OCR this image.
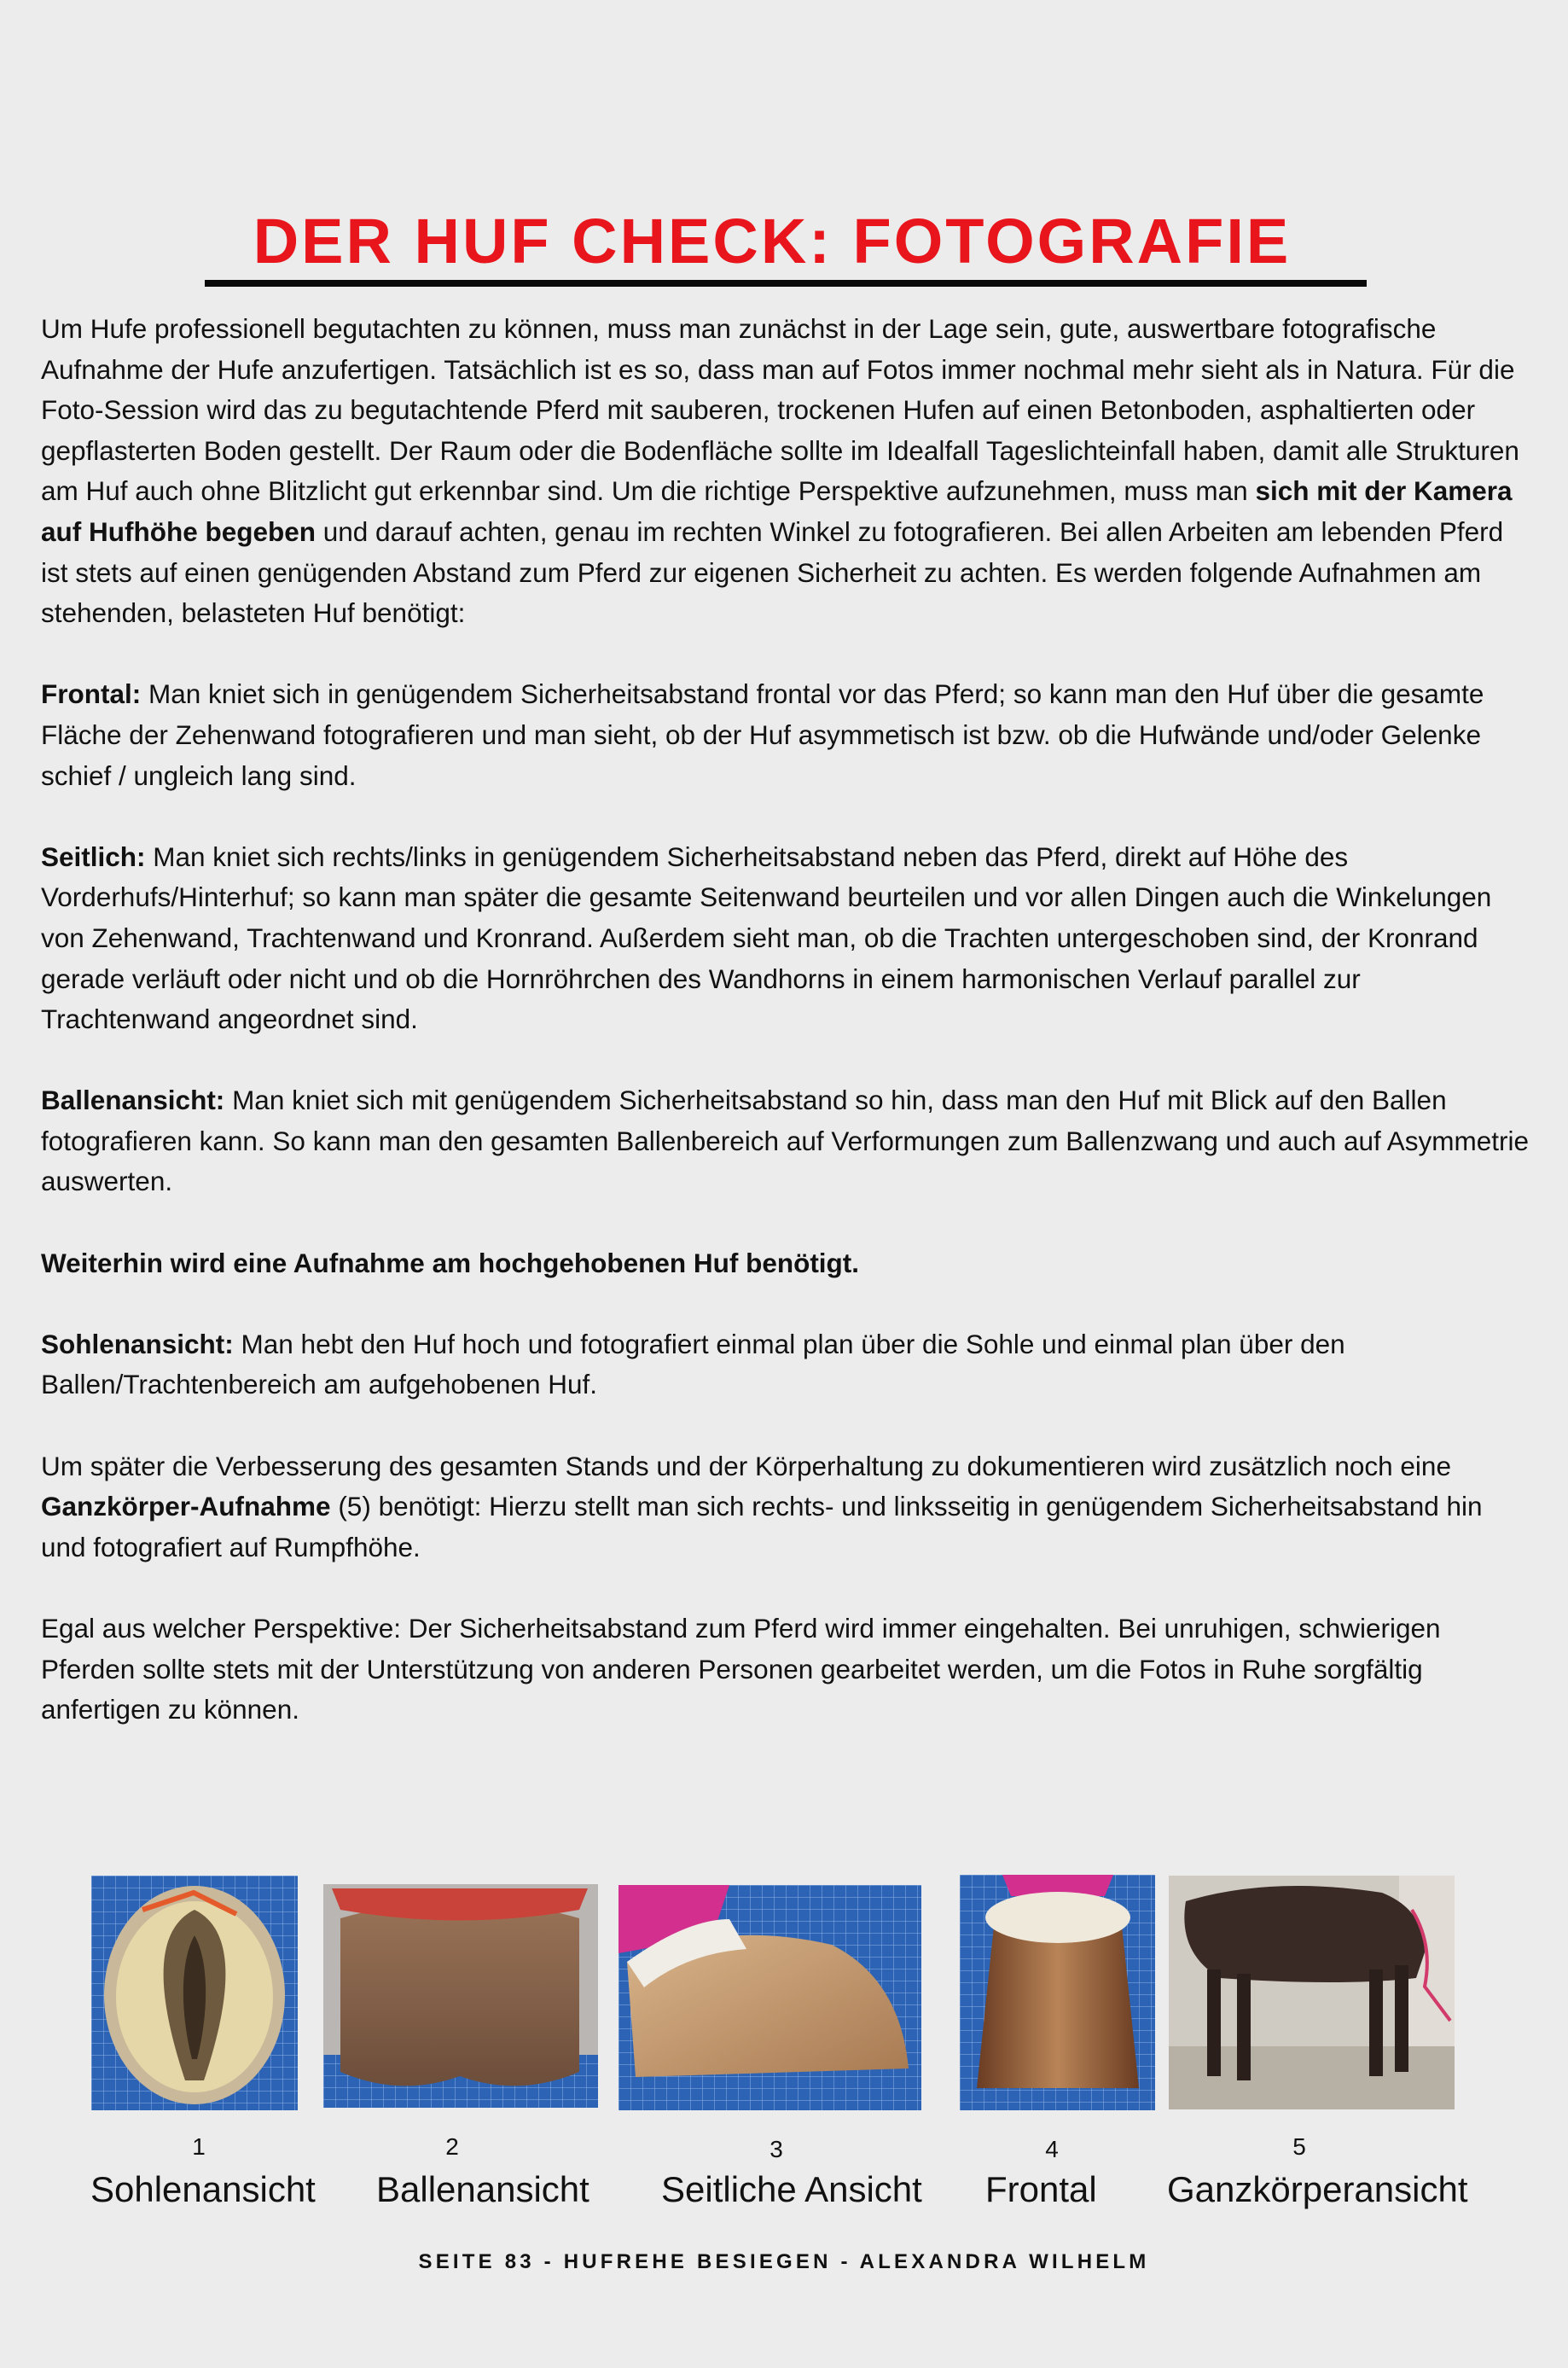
DER HUF CHECK: FOTOGRAFIE

Um Hufe professionell begutachten zu können, muss man zunächst in der Lage sein, gute, auswertbare fotografische Aufnahme der Hufe anzufertigen. Tatsächlich ist es so, dass man auf Fotos immer nochmal mehr sieht als in Natura. Für die Foto-Session wird das zu begutachtende Pferd mit sauberen, trockenen Hufen auf einen Betonboden, asphaltierten oder gepflasterten Boden gestellt. Der Raum oder die Bodenfläche sollte im Idealfall Tageslichteinfall haben, damit alle Strukturen am Huf auch ohne Blitzlicht gut erkennbar sind. Um die richtige Perspektive aufzunehmen, muss man sich mit der Kamera auf Hufhöhe begeben und darauf achten, genau im rechten Winkel zu fotografieren. Bei allen Arbeiten am lebenden Pferd ist stets auf einen genügenden Abstand zum Pferd zur eigenen Sicherheit zu achten. Es werden folgende Aufnahmen am stehenden, belasteten Huf benötigt:

Frontal: Man kniet sich in genügendem Sicherheitsabstand frontal vor das Pferd; so kann man den Huf über die gesamte Fläche der Zehenwand fotografieren und man sieht, ob der Huf asymmetisch ist bzw. ob die Hufwände und/oder Gelenke schief / ungleich lang sind.

Seitlich: Man kniet sich rechts/links in genügendem Sicherheitsabstand neben das Pferd, direkt auf Höhe des Vorderhufs/Hinterhuf; so kann man später die gesamte Seitenwand beurteilen und vor allen Dingen auch die Winkelungen von Zehenwand, Trachtenwand und Kronrand. Außerdem sieht man, ob die Trachten untergeschoben sind, der Kronrand gerade verläuft oder nicht und ob die Hornröhrchen des Wandhorns in einem harmonischen Verlauf parallel zur Trachtenwand angeordnet sind.

Ballenansicht: Man kniet sich mit genügendem Sicherheitsabstand so hin, dass man den Huf mit Blick auf den Ballen fotografieren kann. So kann man den gesamten Ballenbereich auf Verformungen zum Ballenzwang und auch auf Asymmetrie auswerten.

Weiterhin wird eine Aufnahme am hochgehobenen Huf benötigt.

Sohlenansicht: Man hebt den Huf hoch und fotografiert einmal plan über die Sohle und einmal plan über den Ballen/Trachtenbereich am aufgehobenen Huf.

Um später die Verbesserung des gesamten Stands und der Körperhaltung zu dokumentieren wird zusätzlich noch eine Ganzkörper-Aufnahme (5) benötigt: Hierzu stellt man sich rechts- und linksseitig in genügendem Sicherheitsabstand hin und fotografiert auf Rumpfhöhe.

Egal aus welcher Perspektive: Der Sicherheitsabstand zum Pferd wird immer eingehalten. Bei unruhigen, schwierigen Pferden sollte stets mit der Unterstützung von anderen Personen gearbeitet werden, um die Fotos in Ruhe sorgfältig anfertigen zu können.

1	2	3	4	5
Sohlenansicht Ballenansicht Seitliche Ansicht Frontal Ganzkörperansicht
SEITE 83 - HUFREHE BESIEGEN - ALEXANDRA WILHELM
